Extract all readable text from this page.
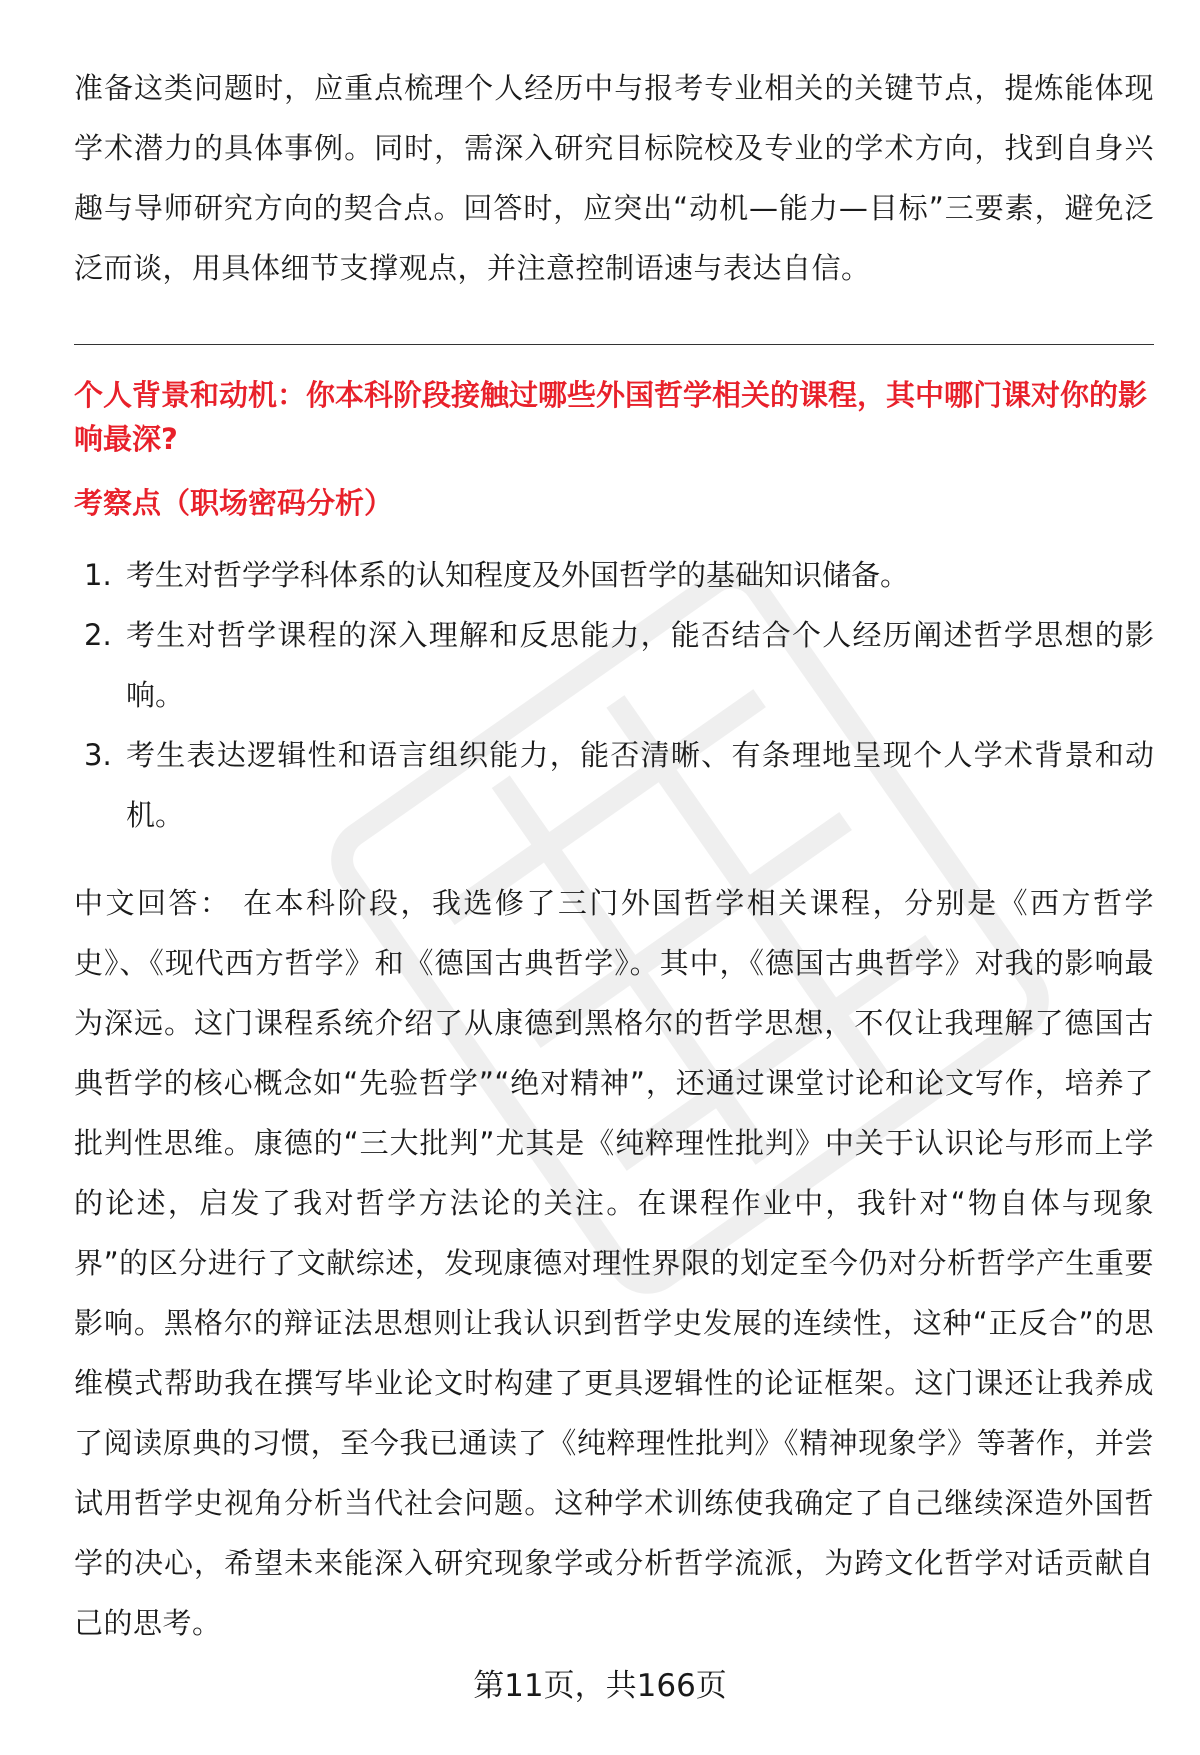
准备这类问题时，应重点梳理个人经历中与报考专业相关的关键节点，提炼能体现学术潜力的具体事例。同时，需深入研究目标院校及专业的学术方向，找到自身兴趣与导师研究方向的契合点。回答时，应突出“动机—能力—目标”三要素，避免泛泛而谈，用具体细节支撑观点，并注意控制语速与表达自信。

个人背景和动机：你本科阶段接触过哪些外国哲学相关的课程，其中哪门课对你的影响最深?

考察点（职场密码分析）

1. 考生对哲学学科体系的认知程度及外国哲学的基础知识储备。
2. 考生对哲学课程的深入理解和反思能力，能否结合个人经历阐述哲学思想的影响。
3. 考生表达逻辑性和语言组织能力，能否清晰、有条理地呈现个人学术背景和动机。

中文回答： 在本科阶段，我选修了三门外国哲学相关课程，分别是《西方哲学史》、《现代西方哲学》和《德国古典哲学》。其中，《德国古典哲学》对我的影响最为深远。这门课程系统介绍了从康德到黑格尔的哲学思想，不仅让我理解了德国古典哲学的核心概念如“先验哲学”“绝对精神”，还通过课堂讨论和论文写作，培养了批判性思维。康德的“三大批判”尤其是《纯粹理性批判》中关于认识论与形而上学的论述，启发了我对哲学方法论的关注。在课程作业中，我针对“物自体与现象界”的区分进行了文献综述，发现康德对理性界限的划定至今仍对分析哲学产生重要影响。黑格尔的辩证法思想则让我认识到哲学史发展的连续性，这种“正反合”的思维模式帮助我在撰写毕业论文时构建了更具逻辑性的论证框架。这门课还让我养成了阅读原典的习惯，至今我已通读了《纯粹理性批判》《精神现象学》等著作，并尝试用哲学史视角分析当代社会问题。这种学术训练使我确定了自己继续深造外国哲学的决心，希望未来能深入研究现象学或分析哲学流派，为跨文化哲学对话贡献自己的思考。

第11页，共166页
